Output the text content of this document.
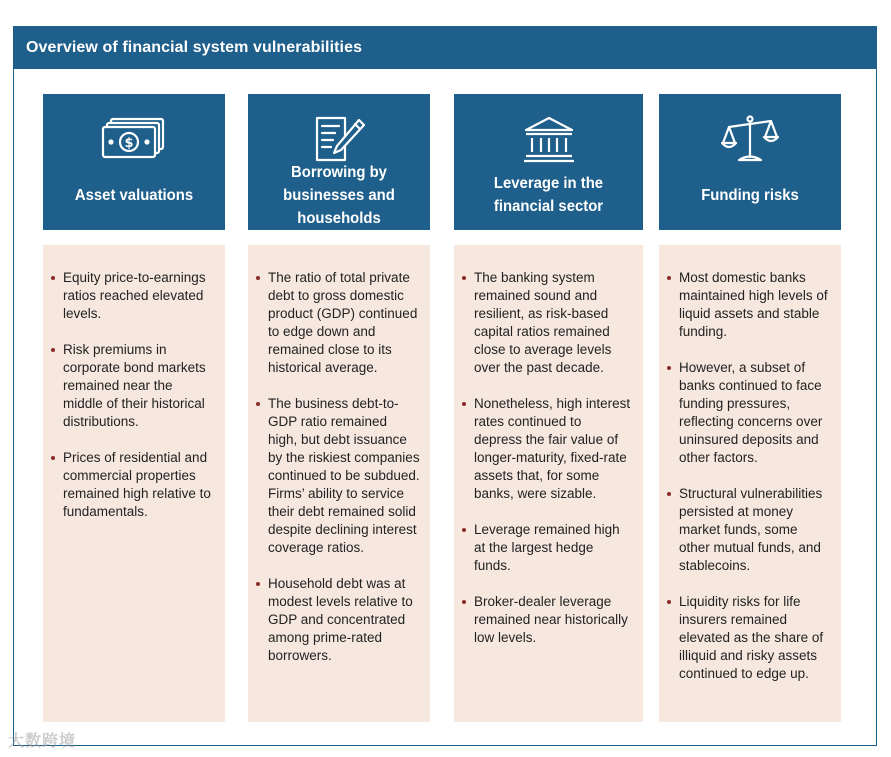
Overview of financial system vulnerabilities
$
Asset valuations
Equity price-to-earnings ratios reached elevated levels.
Risk premiums in corporate bond markets remained near the middle of their historical distributions.
Prices of residential and commercial properties remained high relative to fundamentals.
Borrowing by businesses and households
The ratio of total private debt to gross domestic product (GDP) continued to edge down and remained close to its historical average.
The business debt-to-GDP ratio remained high, but debt issuance by the riskiest companies continued to be subdued. Firms’ ability to service their debt remained solid despite declining interest coverage ratios.
Household debt was at modest levels relative to GDP and concentrated among prime-rated borrowers.
Leverage in the financial sector
The banking system remained sound and resilient, as risk-based capital ratios remained close to average levels over the past decade.
Nonetheless, high interest rates continued to depress the fair value of longer-maturity, fixed-rate assets that, for some banks, were sizable.
Leverage remained high at the largest hedge funds.
Broker-dealer leverage remained near historically low levels.
Funding risks
Most domestic banks maintained high levels of liquid assets and stable funding.
However, a subset of banks continued to face funding pressures, reflecting concerns over uninsured deposits and other factors.
Structural vulnerabilities persisted at money market funds, some other mutual funds, and stablecoins.
Liquidity risks for life insurers remained elevated as the share of illiquid and risky assets continued to edge up.
大数跨境
